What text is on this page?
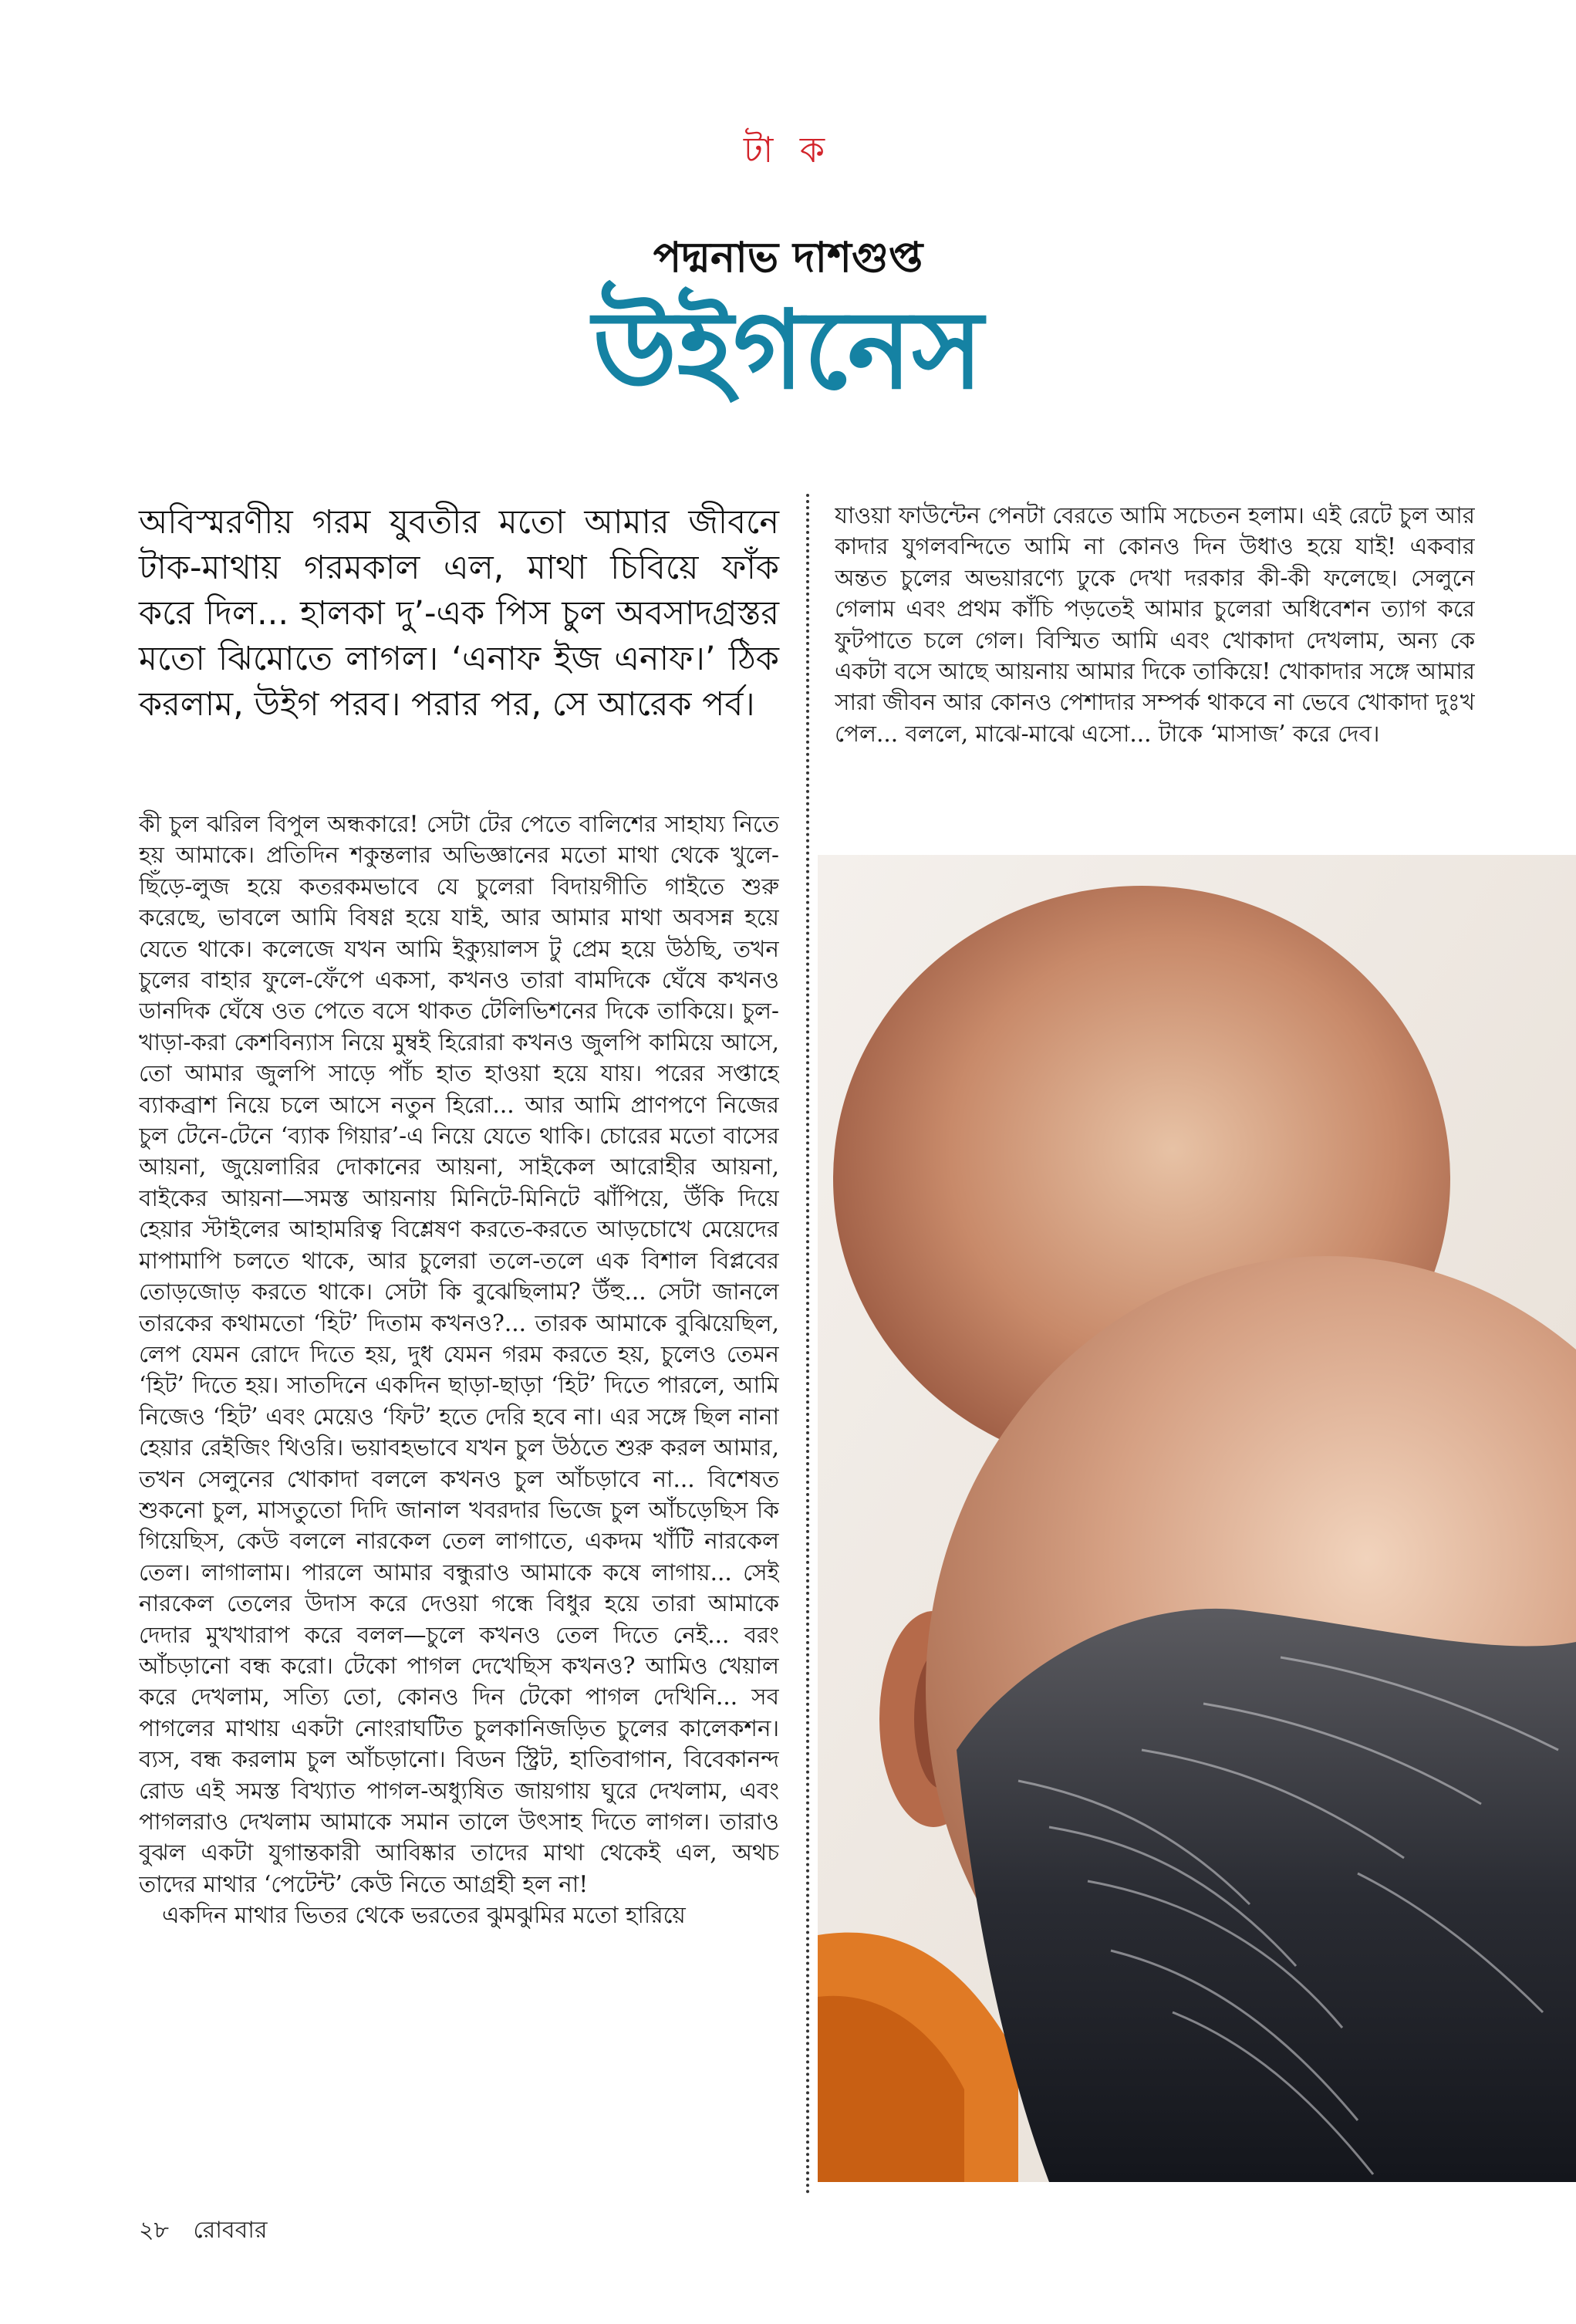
টা ক
পদ্মনাভ দাশগুপ্ত
উইগনেস
অবিস্মরণীয় গরম যুবতীর মতো আমার জীবনে টাক-মাথায় গরমকাল এল, মাথা চিবিয়ে ফাঁক করে দিল... হালকা দু’-এক পিস চুল অবসাদগ্রস্তর মতো ঝিমোতে লাগল। ‘এনাফ ইজ এনাফ।’ ঠিক করলাম, উইগ পরব। পরার পর, সে আরেক পর্ব।

কী চুল ঝরিল বিপুল অন্ধকারে! সেটা টের পেতে বালিশের সাহায্য নিতে হয় আমাকে। প্রতিদিন শকুন্তলার অভিজ্ঞানের মতো মাথা থেকে খুলে-ছিঁড়ে-লুজ হয়ে কতরকমভাবে যে চুলেরা বিদায়গীতি গাইতে শুরু করেছে, ভাবলে আমি বিষণ্ণ হয়ে যাই, আর আমার মাথা অবসন্ন হয়ে যেতে থাকে। কলেজে যখন আমি ইক্যুয়ালস টু প্রেম হয়ে উঠছি, তখন চুলের বাহার ফুলে-ফেঁপে একসা, কখনও তারা বামদিকে ঘেঁষে কখনও ডানদিক ঘেঁষে ওত পেতে বসে থাকত টেলিভিশনের দিকে তাকিয়ে। চুল-খাড়া-করা কেশবিন্যাস নিয়ে মুম্বই হিরোরা কখনও জুলপি কামিয়ে আসে, তো আমার জুলপি সাড়ে পাঁচ হাত হাওয়া হয়ে যায়। পরের সপ্তাহে ব্যাকব্রাশ নিয়ে চলে আসে নতুন হিরো... আর আমি প্রাণপণে নিজের চুল টেনে-টেনে ‘ব্যাক গিয়ার’-এ নিয়ে যেতে থাকি। চোরের মতো বাসের আয়না, জুয়েলারির দোকানের আয়না, সাইকেল আরোহীর আয়না, বাইকের আয়না—সমস্ত আয়নায় মিনিটে-মিনিটে ঝাঁপিয়ে, উঁকি দিয়ে হেয়ার স্টাইলের আহামরিত্ব বিশ্লেষণ করতে-করতে আড়চোখে মেয়েদের মাপামাপি চলতে থাকে, আর চুলেরা তলে-তলে এক বিশাল বিপ্লবের তোড়জোড় করতে থাকে। সেটা কি বুঝেছিলাম? উঁহু... সেটা জানলে তারকের কথামতো ‘হিট’ দিতাম কখনও?... তারক আমাকে বুঝিয়েছিল, লেপ যেমন রোদে দিতে হয়, দুধ যেমন গরম করতে হয়, চুলেও তেমন ‘হিট’ দিতে হয়। সাতদিনে একদিন ছাড়া-ছাড়া ‘হিট’ দিতে পারলে, আমি নিজেও ‘হিট’ এবং মেয়েও ‘ফিট’ হতে দেরি হবে না। এর সঙ্গে ছিল নানা হেয়ার রেইজিং থিওরি। ভয়াবহভাবে যখন চুল উঠতে শুরু করল আমার, তখন সেলুনের খোকাদা বললে কখনও চুল আঁচড়াবে না... বিশেষত শুকনো চুল, মাসতুতো দিদি জানাল খবরদার ভিজে চুল আঁচড়েছিস কি গিয়েছিস, কেউ বললে নারকেল তেল লাগাতে, একদম খাঁটি নারকেল তেল। লাগালাম। পারলে আমার বন্ধুরাও আমাকে কষে লাগায়... সেই নারকেল তেলের উদাস করে দেওয়া গন্ধে বিধুর হয়ে তারা আমাকে দেদার মুখখারাপ করে বলল—চুলে কখনও তেল দিতে নেই... বরং আঁচড়ানো বন্ধ করো। টেকো পাগল দেখেছিস কখনও? আমিও খেয়াল করে দেখলাম, সত্যি তো, কোনও দিন টেকো পাগল দেখিনি... সব পাগলের মাথায় একটা নোংরাঘটিত চুলকানিজড়িত চুলের কালেকশন। ব্যস, বন্ধ করলাম চুল আঁচড়ানো। বিডন স্ট্রিট, হাতিবাগান, বিবেকানন্দ রোড এই সমস্ত বিখ্যাত পাগল-অধ্যুষিত জায়গায় ঘুরে দেখলাম, এবং পাগলরাও দেখলাম আমাকে সমান তালে উৎসাহ দিতে লাগল। তারাও বুঝল একটা যুগান্তকারী আবিষ্কার তাদের মাথা থেকেই এল, অথচ তাদের মাথার ‘পেটেন্ট’ কেউ নিতে আগ্রহী হল না!

একদিন মাথার ভিতর থেকে ভরতের ঝুমঝুমির মতো হারিয়ে

যাওয়া ফাউন্টেন পেনটা বেরতে আমি সচেতন হলাম। এই রেটে চুল আর কাদার যুগলবন্দিতে আমি না কোনও দিন উধাও হয়ে যাই! একবার অন্তত চুলের অভয়ারণ্যে ঢুকে দেখা দরকার কী-কী ফলেছে। সেলুনে গেলাম এবং প্রথম কাঁচি পড়তেই আমার চুলেরা অধিবেশন ত্যাগ করে ফুটপাতে চলে গেল। বিস্মিত আমি এবং খোকাদা দেখলাম, অন্য কে একটা বসে আছে আয়নায় আমার দিকে তাকিয়ে! খোকাদার সঙ্গে আমার সারা জীবন আর কোনও পেশাদার সম্পর্ক থাকবে না ভেবে খোকাদা দুঃখ পেল... বললে, মাঝে-মাঝে এসো... টাকে ‘মাসাজ’ করে দেব।

২৮ রোববার
